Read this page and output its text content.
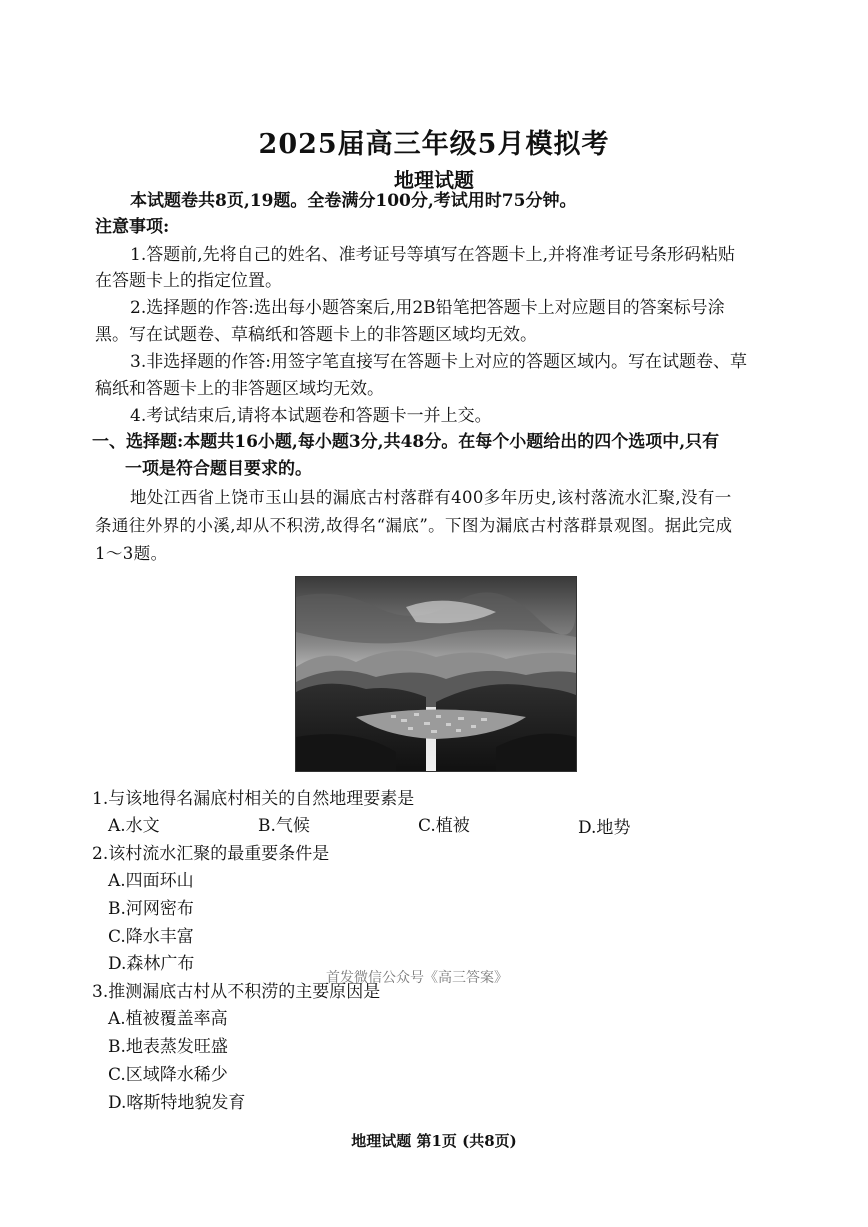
2025届高三年级5月模拟考
地理试题
本试题卷共8页,19题。全卷满分100分,考试用时75分钟。
注意事项:
1.答题前,先将自己的姓名、准考证号等填写在答题卡上,并将准考证号条形码粘贴
在答题卡上的指定位置。
2.选择题的作答:选出每小题答案后,用2B铅笔把答题卡上对应题目的答案标号涂
黑。写在试题卷、草稿纸和答题卡上的非答题区域均无效。
3.非选择题的作答:用签字笔直接写在答题卡上对应的答题区域内。写在试题卷、草
稿纸和答题卡上的非答题区域均无效。
4.考试结束后,请将本试题卷和答题卡一并上交。
一、选择题:本题共16小题,每小题3分,共48分。在每个小题给出的四个选项中,只有
一项是符合题目要求的。
地处江西省上饶市玉山县的漏底古村落群有400多年历史,该村落流水汇聚,没有一
条通往外界的小溪,却从不积涝,故得名“漏底”。下图为漏底古村落群景观图。据此完成
1～3题。
1.与该地得名漏底村相关的自然地理要素是
A.水文	B.气候	C.植被	D.地势
2.该村流水汇聚的最重要条件是
A.四面环山
B.河网密布
C.降水丰富
D.森林广布
首发微信公众号《高三答案》
3.推测漏底古村从不积涝的主要原因是
A.植被覆盖率高
B.地表蒸发旺盛
C.区域降水稀少
D.喀斯特地貌发育
地理试题 第1页 (共8页)
